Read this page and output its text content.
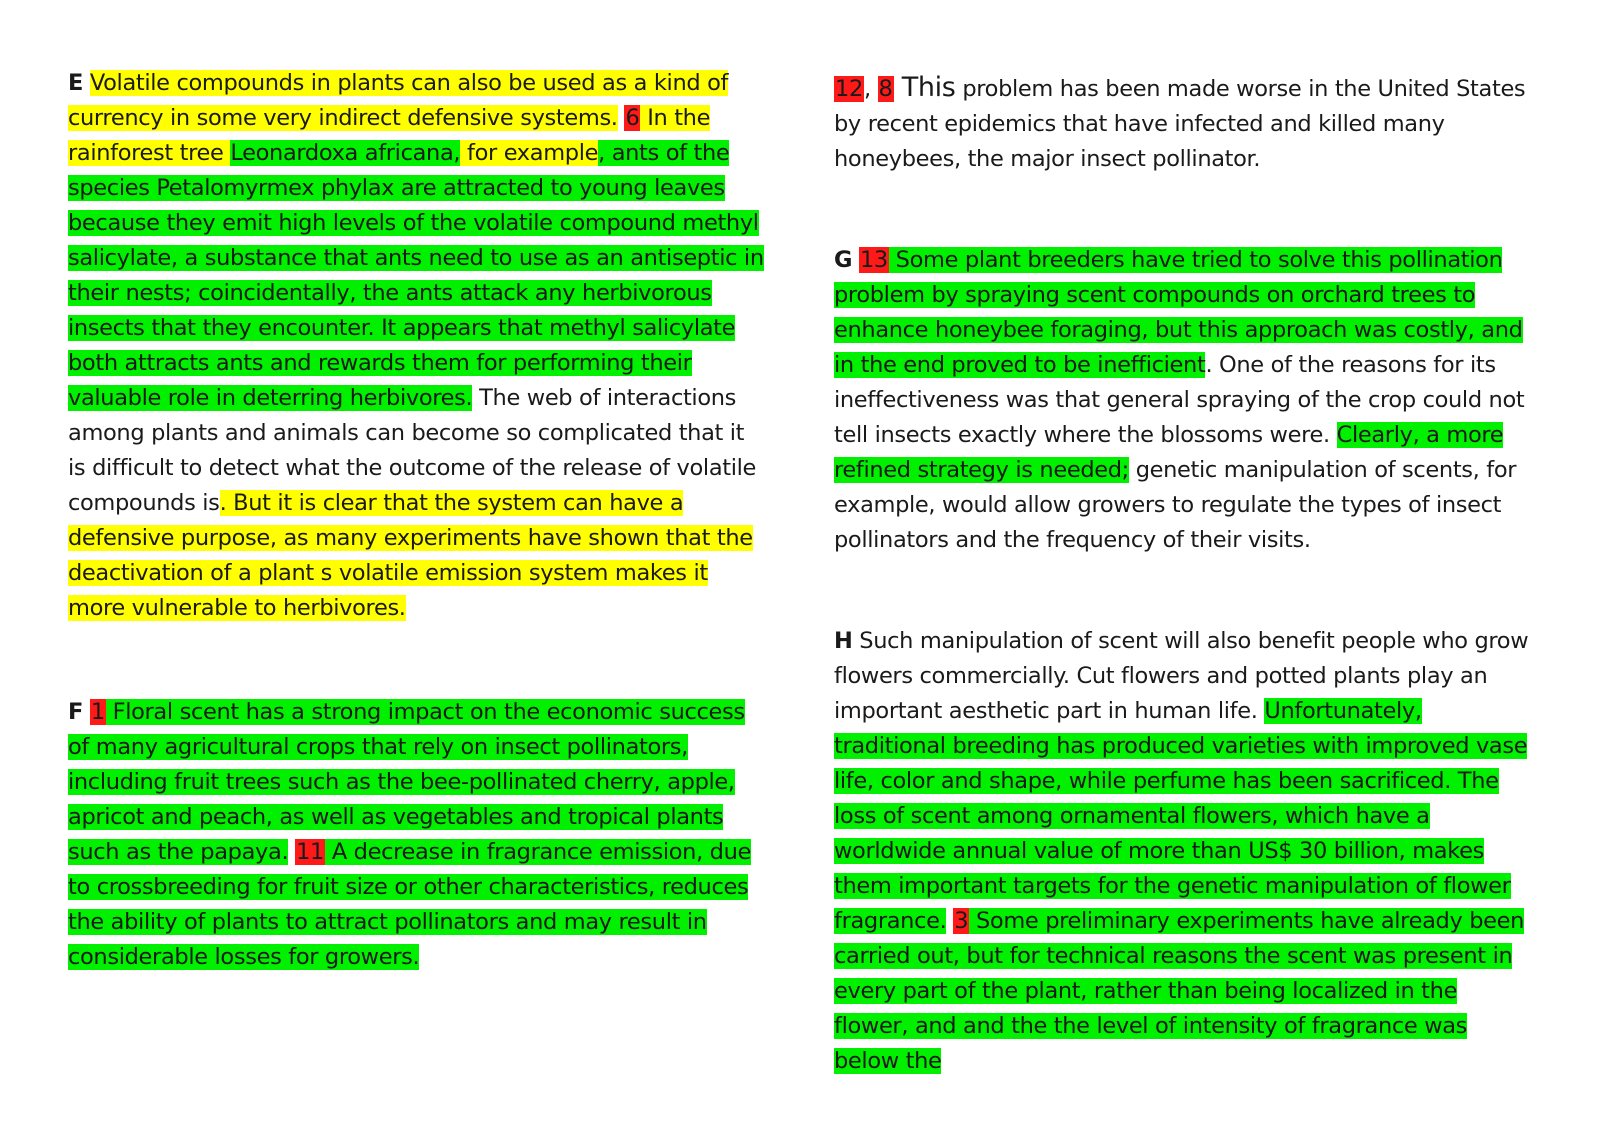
E Volatile compounds in plants can also be used as a kind of currency in some very indirect defensive systems. 6 In the rainforest tree Leonardoxa africana, for example, ants of the species Petalomyrmex phylax are attracted to young leaves because they emit high levels of the volatile compound methyl salicylate, a substance that ants need to use as an antiseptic in their nests; coincidentally, the ants attack any herbivorous insects that they encounter. It appears that methyl salicylate both attracts ants and rewards them for performing their valuable role in deterring herbivores. The web of interactions among plants and animals can become so complicated that it is difficult to detect what the outcome of the release of volatile compounds is. But it is clear that the system can have a defensive purpose, as many experiments have shown that the deactivation of a plant s volatile emission system makes it more vulnerable to herbivores.

F 1 Floral scent has a strong impact on the economic success of many agricultural crops that rely on insect pollinators, including fruit trees such as the bee-pollinated cherry, apple, apricot and peach, as well as vegetables and tropical plants such as the papaya. 11 A decrease in fragrance emission, due to crossbreeding for fruit size or other characteristics, reduces the ability of plants to attract pollinators and may result in considerable losses for growers.

12, 8 This problem has been made worse in the United States by recent epidemics that have infected and killed many honeybees, the major insect pollinator.

G 13 Some plant breeders have tried to solve this pollination problem by spraying scent compounds on orchard trees to enhance honeybee foraging, but this approach was costly, and in the end proved to be inefficient. One of the reasons for its ineffectiveness was that general spraying of the crop could not tell insects exactly where the blossoms were. Clearly, a more refined strategy is needed; genetic manipulation of scents, for example, would allow growers to regulate the types of insect pollinators and the frequency of their visits.

H Such manipulation of scent will also benefit people who grow flowers commercially. Cut flowers and potted plants play an important aesthetic part in human life. Unfortunately, traditional breeding has produced varieties with improved vase life, color and shape, while perfume has been sacrificed. The loss of scent among ornamental flowers, which have a worldwide annual value of more than US$ 30 billion, makes them important targets for the genetic manipulation of flower fragrance. 3 Some preliminary experiments have already been carried out, but for technical reasons the scent was present in every part of the plant, rather than being localized in the flower, and and the the level of intensity of fragrance was below the
